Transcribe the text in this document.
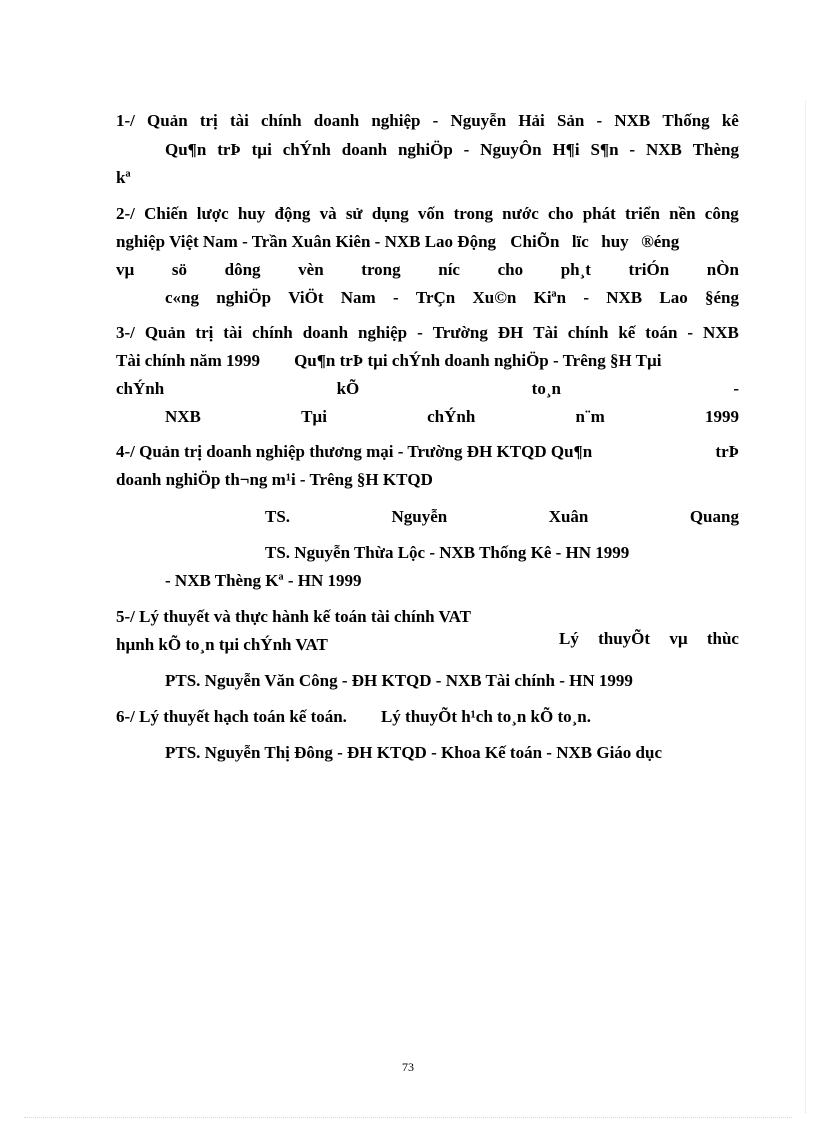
1-/ Quản trị tài chính doanh nghiệp - Nguyễn Hải Sản - NXB Thống kê
Qu¶n trÞ tµi chÝnh doanh nghiÖp - NguyÔn H¶i S¶n - NXB Thèng
kª
2-/ Chiến lược huy động và sử dụng vốn trong nước cho phát triển nền công
nghiệp Việt Nam - Trần Xuân Kiên - NXB Lao Động ChiÕn lïc huy ®éng
vµ sö dông vèn trong níc cho ph¸t triÓn nÒn
c«ng nghiÖp ViÖt Nam - TrÇn Xu©n Kiªn - NXB Lao §éng
3-/ Quản trị tài chính doanh nghiệp - Trường ĐH Tài chính kế toán - NXB
Tài chính năm 1999 Qu¶n trÞ tµi chÝnh doanh nghiÖp - Trêng §H Tµi
chÝnh	kÕ	to¸n	-
NXB	Tµi	chÝnh	n¨m	1999
4-/ Quản trị doanh nghiệp thương mại - Trường ĐH KTQD Qu¶n	trÞ
doanh nghiÖp th¬ng m¹i - Trêng §H KTQD
TS.	Nguyễn	Xuân	Quang
TS. Nguyễn Thừa Lộc - NXB Thống Kê - HN 1999
- NXB Thèng Kª - HN 1999
5-/ Lý thuyết và thực hành kế toán tài chính VAT
Lý thuyÕt vµ thùc
hµnh kÕ to¸n tµi chÝnh VAT
PTS. Nguyễn Văn Công - ĐH KTQD - NXB Tài chính - HN 1999
6-/ Lý thuyết hạch toán kế toán. Lý thuyÕt h¹ch to¸n kÕ to¸n.
PTS. Nguyễn Thị Đông - ĐH KTQD - Khoa Kế toán - NXB Giáo dục
73
